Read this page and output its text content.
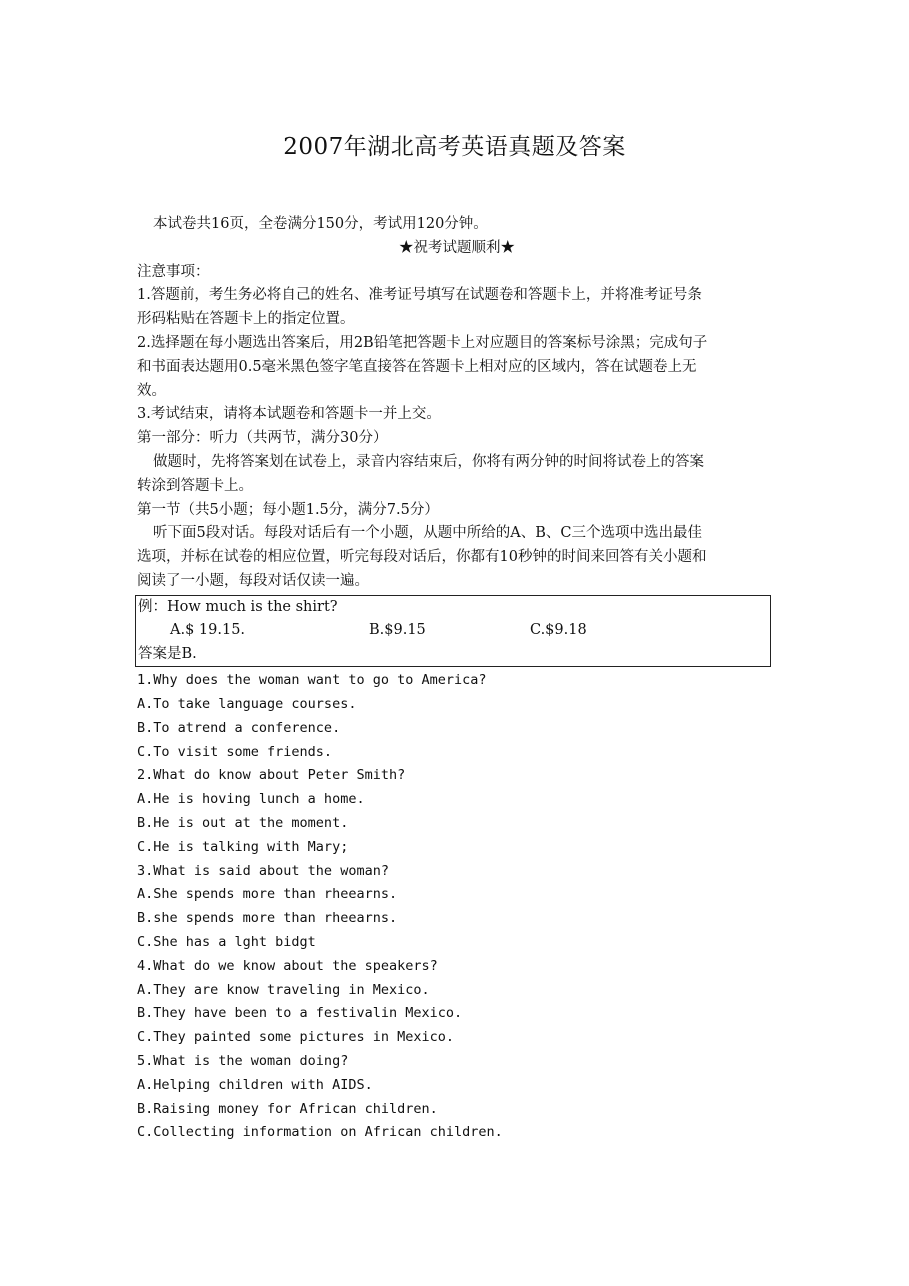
2007年湖北高考英语真题及答案
本试卷共16页，全卷满分150分，考试用120分钟。
★祝考试题顺利★
注意事项：
1.答题前，考生务必将自己的姓名、准考证号填写在试题卷和答题卡上，并将准考证号条
形码粘贴在答题卡上的指定位置。
2.选择题在每小题选出答案后，用2B铅笔把答题卡上对应题目的答案标号涂黑；完成句子
和书面表达题用0.5毫米黑色签字笔直接答在答题卡上相对应的区域内，答在试题卷上无
效。
3.考试结束，请将本试题卷和答题卡一并上交。
第一部分：听力（共两节，满分30分）
做题时，先将答案划在试卷上，录音内容结束后，你将有两分钟的时间将试卷上的答案
转涂到答题卡上。
第一节（共5小题；每小题1.5分，满分7.5分）
听下面5段对话。每段对话后有一个小题，从题中所给的A、B、C三个选项中选出最佳
选项，并标在试卷的相应位置，听完每段对话后，你都有10秒钟的时间来回答有关小题和
阅读了一小题，每段对话仅读一遍。
例：How much is the shirt?
A.$ 19.15.	B.$9.15	C.$9.18
答案是B.
1.Why does the woman want to go to America?
A.To take language courses.
B.To atrend a conference.
C.To visit some friends.
2.What do know about Peter Smith?
A.He is hoving lunch a home.
B.He is out at the moment.
C.He is talking with Mary;
3.What is said about the woman?
A.She spends more than rheearns.
B.she spends more than rheearns.
C.She has a lght bidgt
4.What do we know about the speakers?
A.They are know traveling in Mexico.
B.They have been to a festivalin Mexico.
C.They painted some pictures in Mexico.
5.What is the woman doing?
A.Helping children with AIDS.
B.Raising money for African children.
C.Collecting information on African children.
